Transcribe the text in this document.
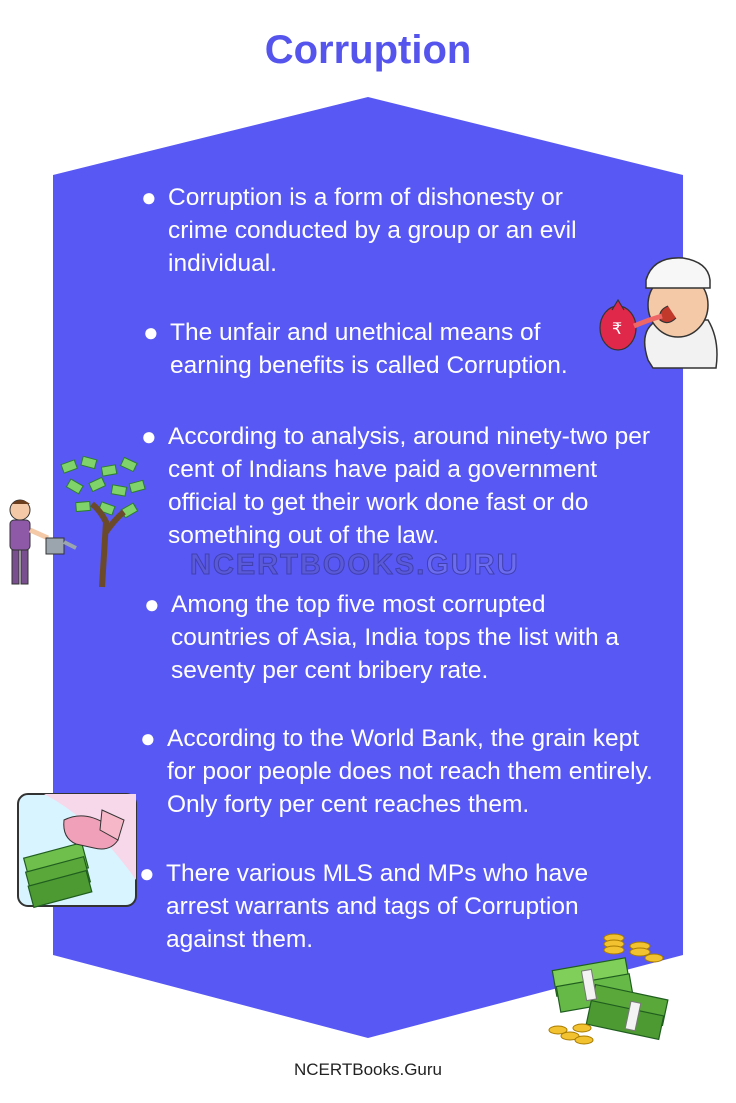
Corruption

● Corruption is a form of dishonesty or crime conducted by a group or an evil individual.

● The unfair and unethical means of earning benefits is called Corruption.

● According to analysis, around ninety-two per cent of Indians have paid a government official to get their work done fast or do something out of the law.

● Among the top five most corrupted countries of Asia, India tops the list with a seventy per cent bribery rate.

● According to the World Bank, the grain kept for poor people does not reach them entirely. Only forty per cent reaches them.

● There various MLS and MPs who have arrest warrants and tags of Corruption against them.

NCERTBOOKS.GURU
₹
NCERTBooks.Guru
